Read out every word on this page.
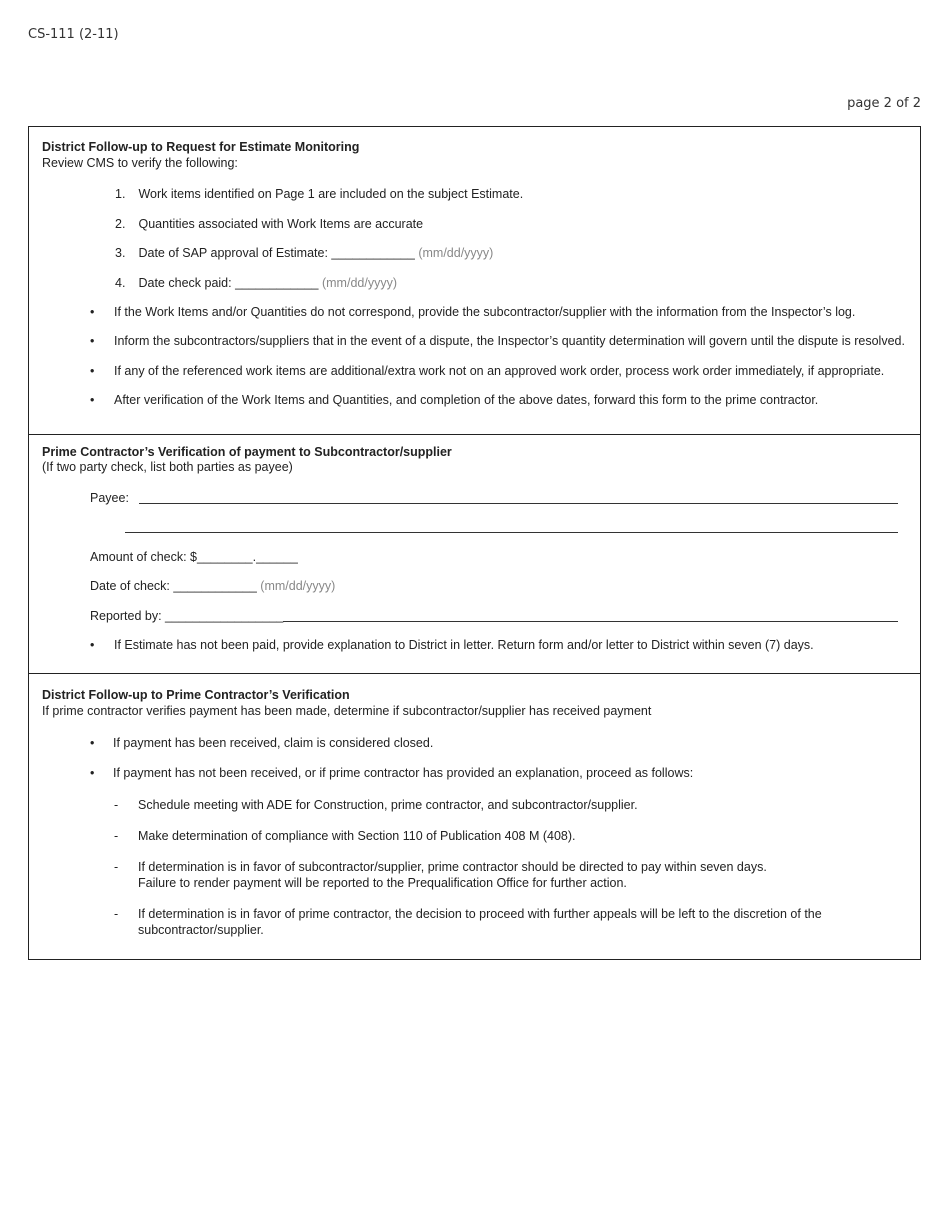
CS-111 (2-11)
page 2 of 2
District Follow-up to Request for Estimate Monitoring
Review CMS to verify the following:
1. Work items identified on Page 1 are included on the subject Estimate.
2. Quantities associated with Work Items are accurate
3. Date of SAP approval of Estimate: ____________ (mm/dd/yyyy)
4. Date check paid: ____________ (mm/dd/yyyy)
• If the Work Items and/or Quantities do not correspond, provide the subcontractor/supplier with the information from the Inspector’s log.
• Inform the subcontractors/suppliers that in the event of a dispute, the Inspector’s quantity determination will govern until the dispute is resolved.
• If any of the referenced work items are additional/extra work not on an approved work order, process work order immediately, if appropriate.
• After verification of the Work Items and Quantities, and completion of the above dates, forward this form to the prime contractor.
Prime Contractor’s Verification of payment to Subcontractor/supplier
(If two party check, list both parties as payee)
Payee:
Amount of check: $________.______
Date of check: ____________ (mm/dd/yyyy)
Reported by: _________________
• If Estimate has not been paid, provide explanation to District in letter. Return form and/or letter to District within seven (7) days.
District Follow-up to Prime Contractor’s Verification
If prime contractor verifies payment has been made, determine if subcontractor/supplier has received payment
• If payment has been received, claim is considered closed.
• If payment has not been received, or if prime contractor has provided an explanation, proceed as follows:
- Schedule meeting with ADE for Construction, prime contractor, and subcontractor/supplier.
- Make determination of compliance with Section 110 of Publication 408 M (408).
- If determination is in favor of subcontractor/supplier, prime contractor should be directed to pay within seven days.
Failure to render payment will be reported to the Prequalification Office for further action.
- If determination is in favor of prime contractor, the decision to proceed with further appeals will be left to the discretion of the
subcontractor/supplier.
